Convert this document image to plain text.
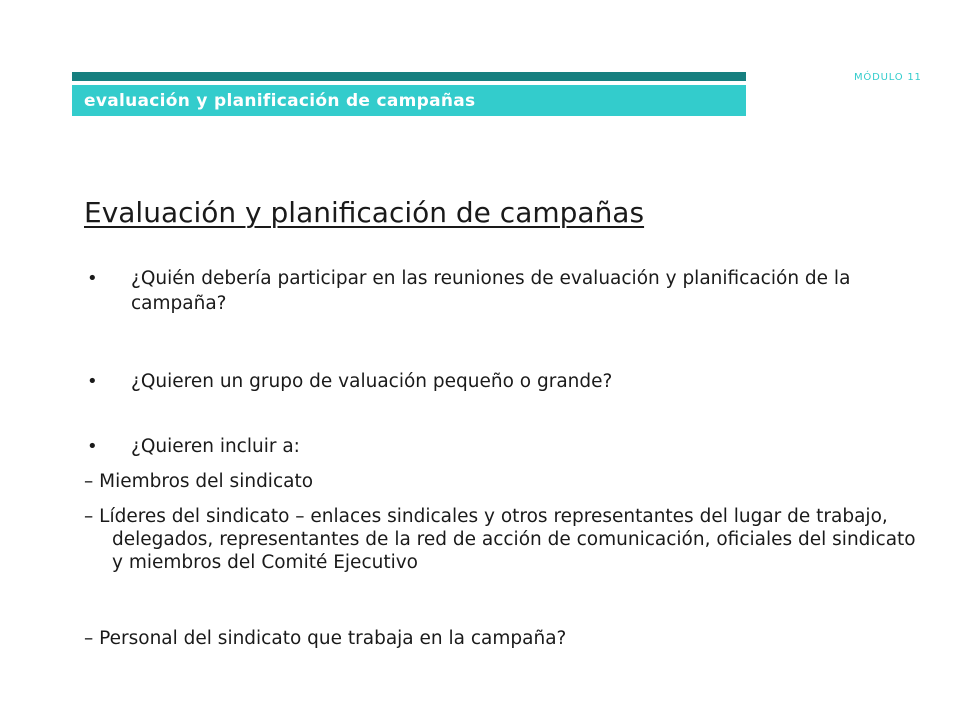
evaluación y planificación de campañas
MÓDULO 11
Evaluación y planificación de campañas
• ¿Quién debería participar en las reuniones de evaluación y planificación de la campaña?
• ¿Quieren un grupo de valuación pequeño o grande?
• ¿Quieren incluir a:
– Miembros del sindicato
– Líderes del sindicato – enlaces sindicales y otros representantes del lugar de trabajo, delegados, representantes de la red de acción de comunicación, oficiales del sindicato y miembros del Comité Ejecutivo
– Personal del sindicato que trabaja en la campaña?
